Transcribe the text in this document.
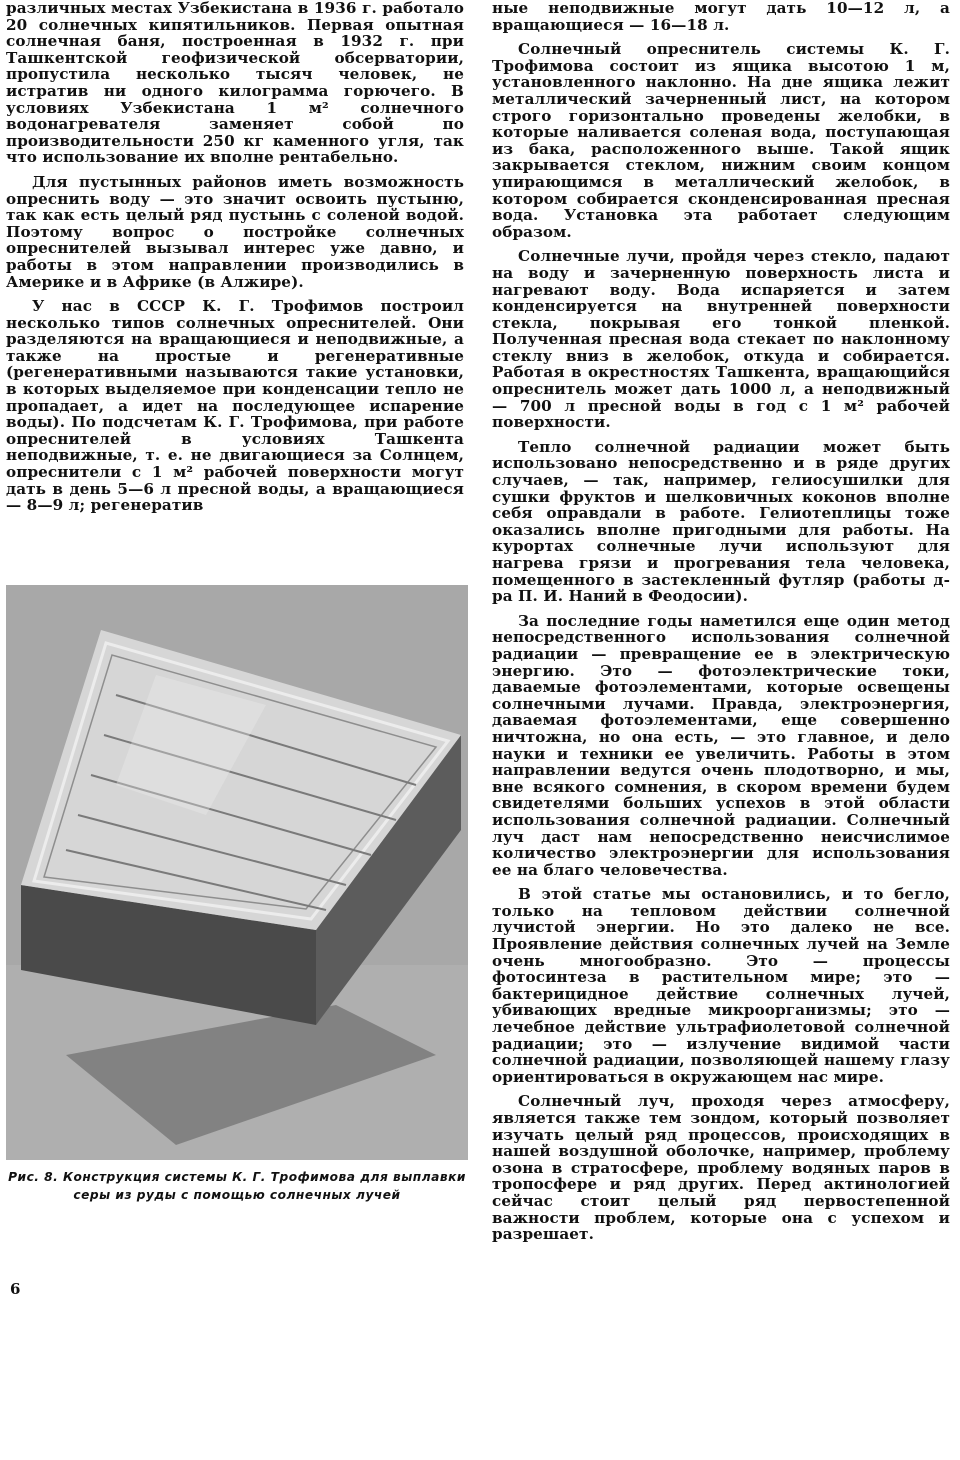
различных местах Узбекистана в 1936 г. работало 20 солнечных кипятильников. Первая опытная солнечная баня, построенная в 1932 г. при Ташкентской геофизической обсерватории, пропустила несколько тысяч человек, не истратив ни одного килограмма горючего. В условиях Узбекистана 1 м² солнечного водонагревателя заменяет собой по производительности 250 кг каменного угля, так что использование их вполне рентабельно.

Для пустынных районов иметь возможность опреснить воду — это значит освоить пустыню, так как есть целый ряд пустынь с соленой водой. Поэтому вопрос о постройке солнечных опреснителей вызывал интерес уже давно, и работы в этом направлении производились в Америке и в Африке (в Алжире).

У нас в СССР К. Г. Трофимов построил несколько типов солнечных опреснителей. Они разделяются на вращающиеся и неподвижные, а также на простые и регенеративные (регенеративными называются такие установки, в которых выделяемое при конденсации тепло не пропадает, а идет на последующее испарение воды). По подсчетам К. Г. Трофимова, при работе опреснителей в условиях Ташкента неподвижные, т. е. не двигающиеся за Солнцем, опреснители с 1 м² рабочей поверхности могут дать в день 5—6 л пресной воды, а вращающиеся — 8—9 л; регенератив

Рис. 8. Конструкция системы К. Г. Трофимова для выплавки серы из руды с помощью солнечных лучей

ные неподвижные могут дать 10—12 л, а вращающиеся — 16—18 л.

Солнечный опреснитель системы К. Г. Трофимова состоит из ящика высотою 1 м, установленного наклонно. На дне ящика лежит металлический зачерненный лист, на котором строго горизонтально проведены желобки, в которые наливается соленая вода, поступающая из бака, расположенного выше. Такой ящик закрывается стеклом, нижним своим концом упирающимся в металлический желобок, в котором собирается сконденсированная пресная вода. Установка эта работает следующим образом.

Солнечные лучи, пройдя через стекло, падают на воду и зачерненную поверхность листа и нагревают воду. Вода испаряется и затем конденсируется на внутренней поверхности стекла, покрывая его тонкой пленкой. Полученная пресная вода стекает по наклонному стеклу вниз в желобок, откуда и собирается. Работая в окрестностях Ташкента, вращающийся опреснитель может дать 1000 л, а неподвижный — 700 л пресной воды в год с 1 м² рабочей поверхности.

Тепло солнечной радиации может быть использовано непосредственно и в ряде других случаев, — так, например, гелиосушилки для сушки фруктов и шелковичных коконов вполне себя оправдали в работе. Гелиотеплицы тоже оказались вполне пригодными для работы. На курортах солнечные лучи используют для нагрева грязи и прогревания тела человека, помещенного в застекленный футляр (работы д-ра П. И. Наний в Феодосии).

За последние годы наметился еще один метод непосредственного использования солнечной радиации — превращение ее в электрическую энергию. Это — фотоэлектрические токи, даваемые фотоэлементами, которые освещены солнечными лучами. Правда, электроэнергия, даваемая фотоэлементами, еще совершенно ничтожна, но она есть, — это главное, и дело науки и техники ее увеличить. Работы в этом направлении ведутся очень плодотворно, и мы, вне всякого сомнения, в скором времени будем свидетелями больших успехов в этой области использования солнечной радиации. Солнечный луч даст нам непосредственно неисчислимое количество электроэнергии для использования ее на благо человечества.

В этой статье мы остановились, и то бегло, только на тепловом действии солнечной лучистой энергии. Но это далеко не все. Проявление действия солнечных лучей на Земле очень многообразно. Это — процессы фотосинтеза в растительном мире; это — бактерицидное действие солнечных лучей, убивающих вредные микроорганизмы; это — лечебное действие ультрафиолетовой солнечной радиации; это — излучение видимой части солнечной радиации, позволяющей нашему глазу ориентироваться в окружающем нас мире.

Солнечный луч, проходя через атмосферу, является также тем зондом, который позволяет изучать целый ряд процессов, происходящих в нашей воздушной оболочке, например, проблему озона в стратосфере, проблему водяных паров в тропосфере и ряд других. Перед актинологией сейчас стоит целый ряд первостепенной важности проблем, которые она с успехом и разрешает.

6
